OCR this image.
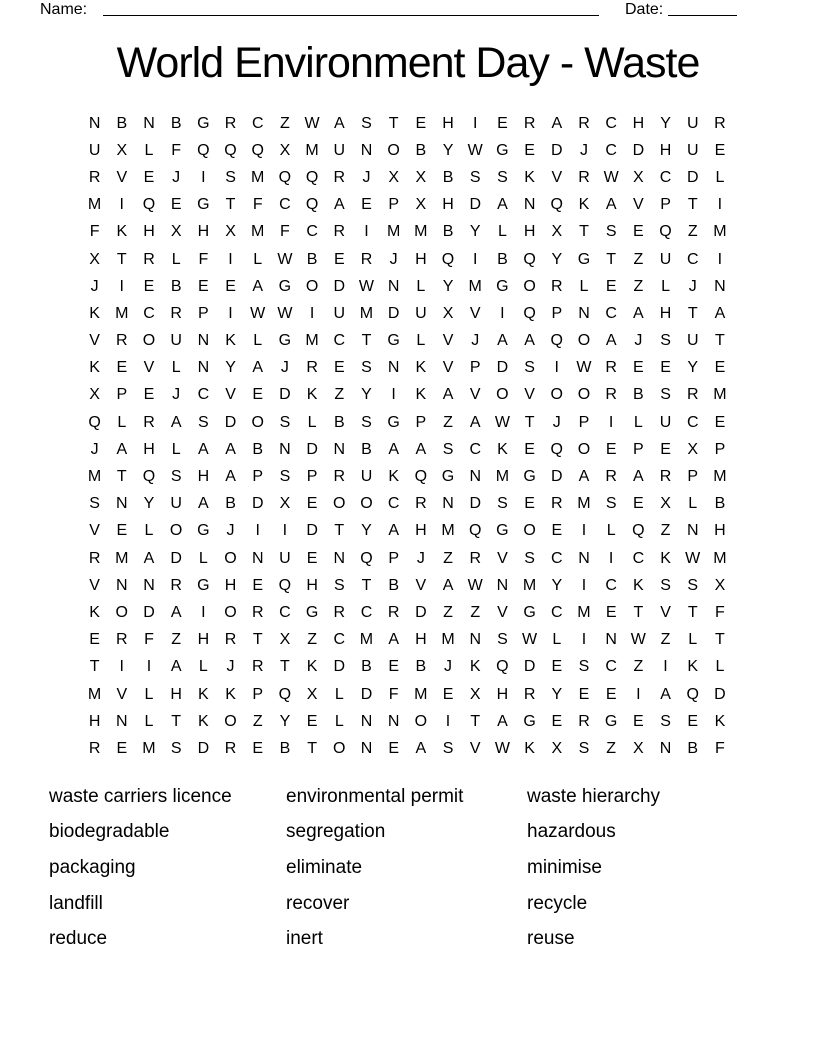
Name:	Date:
World Environment Day - Waste
N	B	N	B G R C	Z W A	S	T	E	H	I	E	R	A	R C H	Y	U R
U	X	L	F	Q Q Q X M U N O B	Y W G E	D	J	C D H U	E
R	V	E	J	I	S M Q Q R	J	X	X	B	S	S	K	V	R W X	C D	L
M	I	Q E G	T	F	C Q A	E	P	X	H D	A	N Q K	A	V	P	T	I
F	K	H	X	H	X M F	C R	I	M M B	Y	L	H	X	T	S	E Q	Z M
X	T	R	L	F	I	L W B	E	R	J	H Q	I	B Q Y G	T	Z	U C	I
J	I	E	B	E	E	A G O D W N	L	Y M G O R	L	E	Z	L	J	N
K M C R	P	I	W W	I	U M D U	X	V	I	Q P	N C	A	H	T	A
V	R O U N	K	L	G M C	T	G	L	V	J	A	A Q O A	J	S	U	T
K	E	V	L	N	Y	A	J	R	E	S	N	K	V	P	D	S	I	W R	E	E	Y	E
X	P	E	J	C	V	E	D	K	Z	Y	I	K	A	V O V O O R	B	S	R M
Q	L	R	A	S	D O S	L	B	S G P	Z	A W T	J	P	I	L	U C	E
J	A	H	L	A	A	B	N D N	B	A	A	S	C	K	E Q O E	P	E	X	P
M T	Q S	H	A	P	S	P	R U	K Q G N M G D	A	R	A	R	P M
S	N	Y	U	A	B	D	X	E O O C R N D	S	E	R M S	E	X	L	B
V	E	L	O G	J	I	I	D	T	Y	A	H M Q G O E	I	L	Q	Z	N H
R M A	D	L	O N U	E	N Q P	J	Z	R	V	S	C N	I	C	K W M
V	N N R G H	E Q H	S	T	B	V	A W N M Y	I	C	K	S	S	X
K O D	A	I	O R C G R C R D	Z	Z	V G C M E	T	V	T	F
E	R	F	Z	H R	T	X	Z	C M A	H M N	S W L	I	N W Z	L	T
T	I	I	A	L	J	R	T	K	D	B	E	B	J	K Q D	E	S	C	Z	I	K	L
M V	L	H	K	K	P Q X	L	D	F M E	X	H R	Y	E	E	I	A Q D
H N	L	T	K O	Z	Y	E	L	N N O	I	T	A G E	R G E	S	E	K
R	E M S	D R	E	B	T	O N	E	A	S	V W K	X	S	Z	X	N	B	F
waste carriers licence
biodegradable
packaging
landfill
reduce
environmental permit
segregation
eliminate
recover
inert
waste hierarchy
hazardous
minimise
recycle
reuse
